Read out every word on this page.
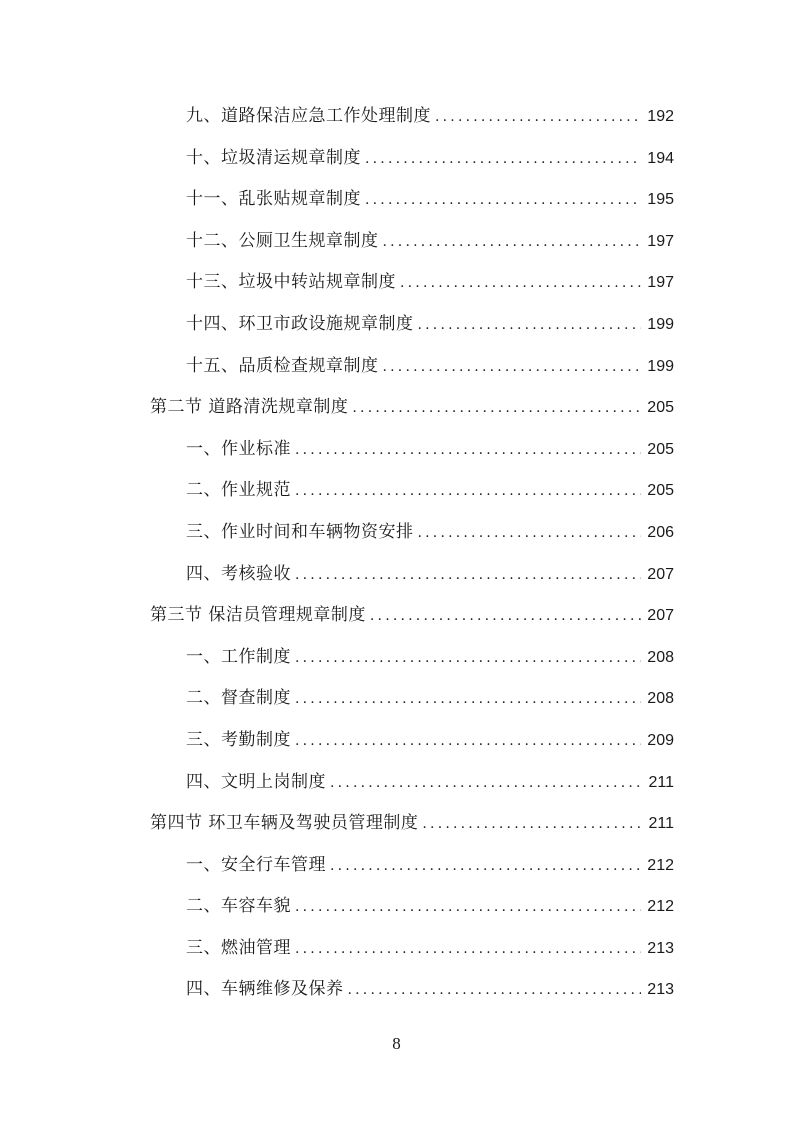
九、道路保洁应急工作处理制度 .....	192
十、垃圾清运规章制度 .....	194
十一、乱张贴规章制度 .....	195
十二、公厕卫生规章制度 .....	197
十三、垃圾中转站规章制度 .....	197
十四、环卫市政设施规章制度 .....	199
十五、品质检查规章制度 .....	199
第二节 道路清洗规章制度 .....	205
一、作业标准 .....	205
二、作业规范 .....	205
三、作业时间和车辆物资安排 .....	206
四、考核验收 .....	207
第三节 保洁员管理规章制度 .....	207
一、工作制度 .....	208
二、督查制度 .....	208
三、考勤制度 .....	209
四、文明上岗制度 .....	211
第四节 环卫车辆及驾驶员管理制度 .....	211
一、安全行车管理 .....	212
二、车容车貌 .....	212
三、燃油管理 .....	213
四、车辆维修及保养 .....	213
8
